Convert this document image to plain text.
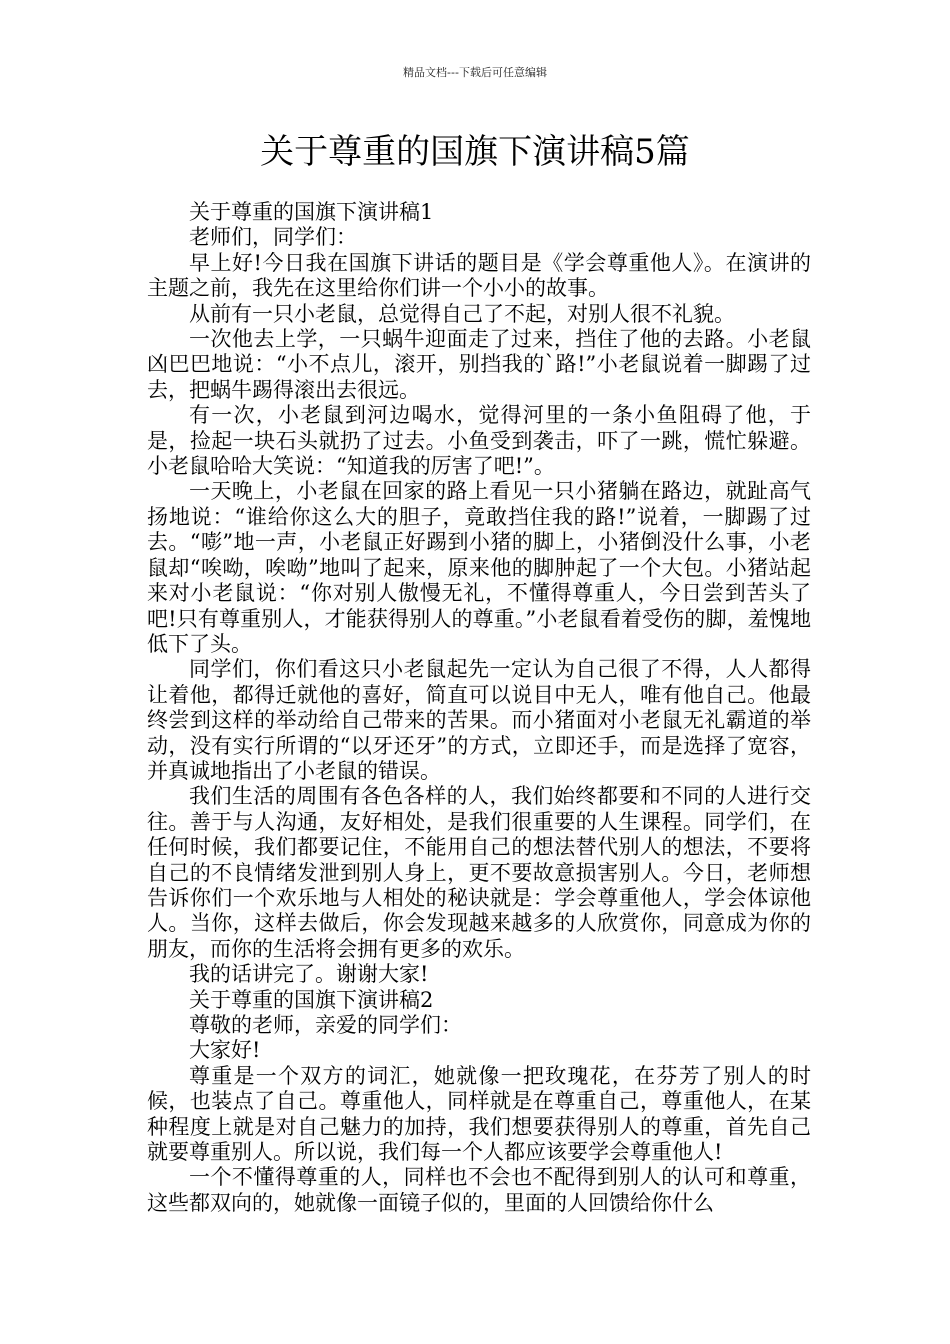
精品文档---下载后可任意编辑
关于尊重的国旗下演讲稿5篇

关于尊重的国旗下演讲稿1

老师们，同学们：

早上好!今日我在国旗下讲话的题目是《学会尊重他人》。在演讲的主题之前，我先在这里给你们讲一个小小的故事。

从前有一只小老鼠，总觉得自己了不起，对别人很不礼貌。

一次他去上学，一只蜗牛迎面走了过来，挡住了他的去路。小老鼠凶巴巴地说：“小不点儿，滚开，别挡我的`路!”小老鼠说着一脚踢了过去，把蜗牛踢得滚出去很远。

有一次，小老鼠到河边喝水，觉得河里的一条小鱼阻碍了他，于是，捡起一块石头就扔了过去。小鱼受到袭击，吓了一跳，慌忙躲避。小老鼠哈哈大笑说：“知道我的厉害了吧!”。

一天晚上，小老鼠在回家的路上看见一只小猪躺在路边，就趾高气扬地说：“谁给你这么大的胆子，竟敢挡住我的路!”说着，一脚踢了过去。“嘭”地一声，小老鼠正好踢到小猪的脚上，小猪倒没什么事，小老鼠却“唉呦，唉呦”地叫了起来，原来他的脚肿起了一个大包。小猪站起来对小老鼠说：“你对别人傲慢无礼，不懂得尊重人，今日尝到苦头了吧!只有尊重别人，才能获得别人的尊重。”小老鼠看着受伤的脚，羞愧地低下了头。

同学们，你们看这只小老鼠起先一定认为自己很了不得，人人都得让着他，都得迁就他的喜好，简直可以说目中无人，唯有他自己。他最终尝到这样的举动给自己带来的苦果。而小猪面对小老鼠无礼霸道的举动，没有实行所谓的“以牙还牙”的方式，立即还手，而是选择了宽容，并真诚地指出了小老鼠的错误。

我们生活的周围有各色各样的人，我们始终都要和不同的人进行交往。善于与人沟通，友好相处，是我们很重要的人生课程。同学们，在任何时候，我们都要记住，不能用自己的想法替代别人的想法，不要将自己的不良情绪发泄到别人身上，更不要故意损害别人。今日，老师想告诉你们一个欢乐地与人相处的秘诀就是：学会尊重他人，学会体谅他人。当你，这样去做后，你会发现越来越多的人欣赏你，同意成为你的朋友，而你的生活将会拥有更多的欢乐。

我的话讲完了。谢谢大家!

关于尊重的国旗下演讲稿2

尊敬的老师，亲爱的同学们：

大家好!

尊重是一个双方的词汇，她就像一把玫瑰花，在芬芳了别人的时候，也装点了自己。尊重他人，同样就是在尊重自己，尊重他人，在某种程度上就是对自己魅力的加持，我们想要获得别人的尊重，首先自己就要尊重别人。所以说，我们每一个人都应该要学会尊重他人!

一个不懂得尊重的人，同样也不会也不配得到别人的认可和尊重，这些都双向的，她就像一面镜子似的，里面的人回馈给你什么
